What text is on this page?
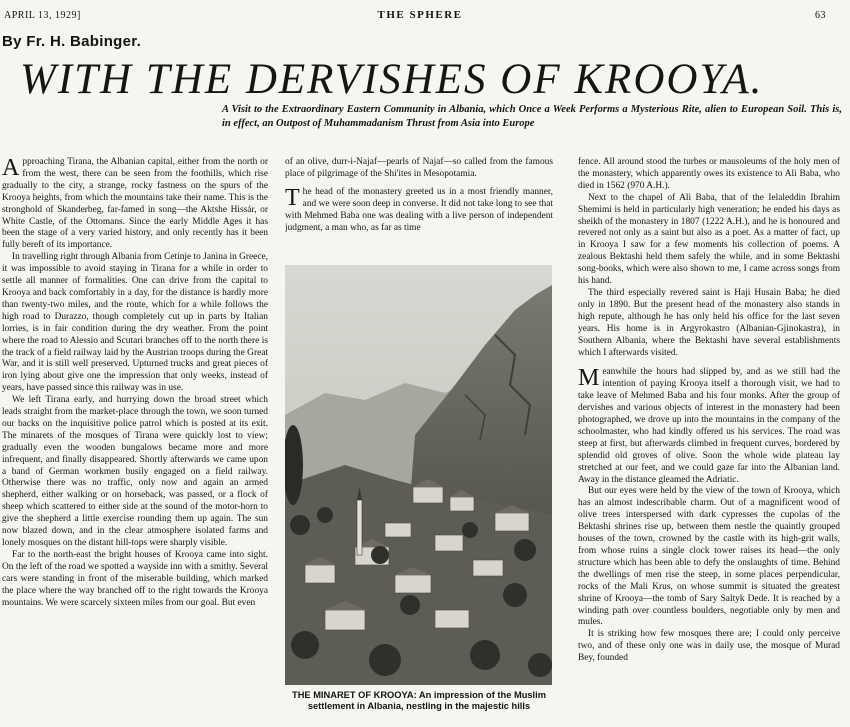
APRIL 13, 1929]	THE SPHERE	63
By Fr. H. Babinger.
WITH THE DERVISHES OF KROOYA.
A Visit to the Extraordinary Eastern Community in Albania, which Once a Week Performs a Mysterious Rite, alien to European Soil. This is, in effect, an Outpost of Muhammadanism Thrust from Asia into Europe

Approaching Tirana, the Albanian capital, either from the north or from the west, there can be seen from the foothills, which rise gradually to the city, a strange, rocky fastness on the spurs of the Krooya heights, from which the mountains take their name. This is the stronghold of Skanderbeg, far-famed in song—the Aktshe Hissár, or White Castle, of the Ottomans. Since the early Middle Ages it has been the stage of a very varied history, and only recently has it been fully bereft of its importance.

In travelling right through Albania from Cetinje to Janina in Greece, it was impossible to avoid staying in Tirana for a while in order to settle all manner of formalities. One can drive from the capital to Krooya and back comfortably in a day, for the distance is hardly more than twenty-two miles, and the route, which for a while follows the high road to Durazzo, though completely cut up in parts by Italian lorries, is in fair condition during the dry weather. From the point where the road to Alessio and Scutari branches off to the north there is the track of a field railway laid by the Austrian troops during the Great War, and it is still well preserved. Upturned trucks and great pieces of iron lying about give one the impression that only weeks, instead of years, have passed since this railway was in use.

We left Tirana early, and hurrying down the broad street which leads straight from the market-place through the town, we soon turned our backs on the inquisitive police patrol which is posted at its exit. The minarets of the mosques of Tirana were quickly lost to view; gradually even the wooden bungalows became more and more infrequent, and finally disappeared. Shortly afterwards we came upon a band of German workmen busily engaged on a field railway. Otherwise there was no traffic, only now and again an armed shepherd, either walking or on horseback, was passed, or a flock of sheep which scattered to either side at the sound of the motor-horn to give the shepherd a little exercise rounding them up again. The sun now blazed down, and in the clear atmosphere isolated farms and lonely mosques on the distant hill-tops were sharply visible.

Far to the north-east the bright houses of Krooya came into sight. On the left of the road we spotted a wayside inn with a smithy. Several cars were standing in front of the miserable building, which marked the place where the way branched off to the right towards the Krooya mountains. We were scarcely sixteen miles from our goal. But even

of an olive, durr-i-Najaf—pearls of Najaf—so called from the famous place of pilgrimage of the Shi'ites in Mesopotamia.

The head of the monastery greeted us in a most friendly manner, and we were soon deep in converse. It did not take long to see that with Mehmed Baba one was dealing with a live person of independent judgment, a man who, as far as time

THE MINARET OF KROOYA: An impression of the Muslim settlement in Albania, nestling in the majestic hills

fence. All around stood the turbes or mausoleums of the holy men of the monastery, which apparently owes its existence to Ali Baba, who died in 1562 (970 A.H.).

Next to the chapel of Ali Baba, that of the Ielaleddin Ibrahim Shemimi is held in particularly high veneration; he ended his days as sheikh of the monastery in 1807 (1222 A.H.), and he is honoured and revered not only as a saint but also as a poet. As a matter of fact, up in Krooya I saw for a few moments his collection of poems. A zealous Bektashi held them safely the while, and in some Bektashi song-books, which were also shown to me, I came across songs from his hand.

The third especially revered saint is Haji Husain Baba; he died only in 1890. But the present head of the monastery also stands in high repute, although he has only held his office for the last seven years. His home is in Argyrokastro (Albanian-Gjinokastra), in Southern Albania, where the Bektashi have several establishments which I afterwards visited.

Meanwhile the hours had slipped by, and as we still had the intention of paying Krooya itself a thorough visit, we had to take leave of Mehmed Baba and his four monks. After the group of dervishes and various objects of interest in the monastery had been photographed, we drove up into the mountains in the company of the schoolmaster, who had kindly offered us his services. The road was steep at first, but afterwards climbed in frequent curves, bordered by splendid old groves of olive. Soon the whole wide plateau lay stretched at our feet, and we could gaze far into the Albanian land. Away in the distance gleamed the Adriatic.

But our eyes were held by the view of the town of Krooya, which has an almost indescribable charm. Out of a magnificent wood of olive trees interspersed with dark cypresses the cupolas of the Bektashi shrines rise up, between them nestle the quaintly grouped houses of the town, crowned by the castle with its high-grit walls, from whose ruins a single clock tower raises its head—the only structure which has been able to defy the onslaughts of time. Behind the dwellings of men rise the steep, in some places perpendicular, rocks of the Mali Krus, on whose summit is situated the greatest shrine of Krooya—the tomb of Sary Saltyk Dede. It is reached by a winding path over countless boulders, negotiable only by men and mules.

It is striking how few mosques there are; I could only perceive two, and of these only one was in daily use, the mosque of Murad Bey, founded
